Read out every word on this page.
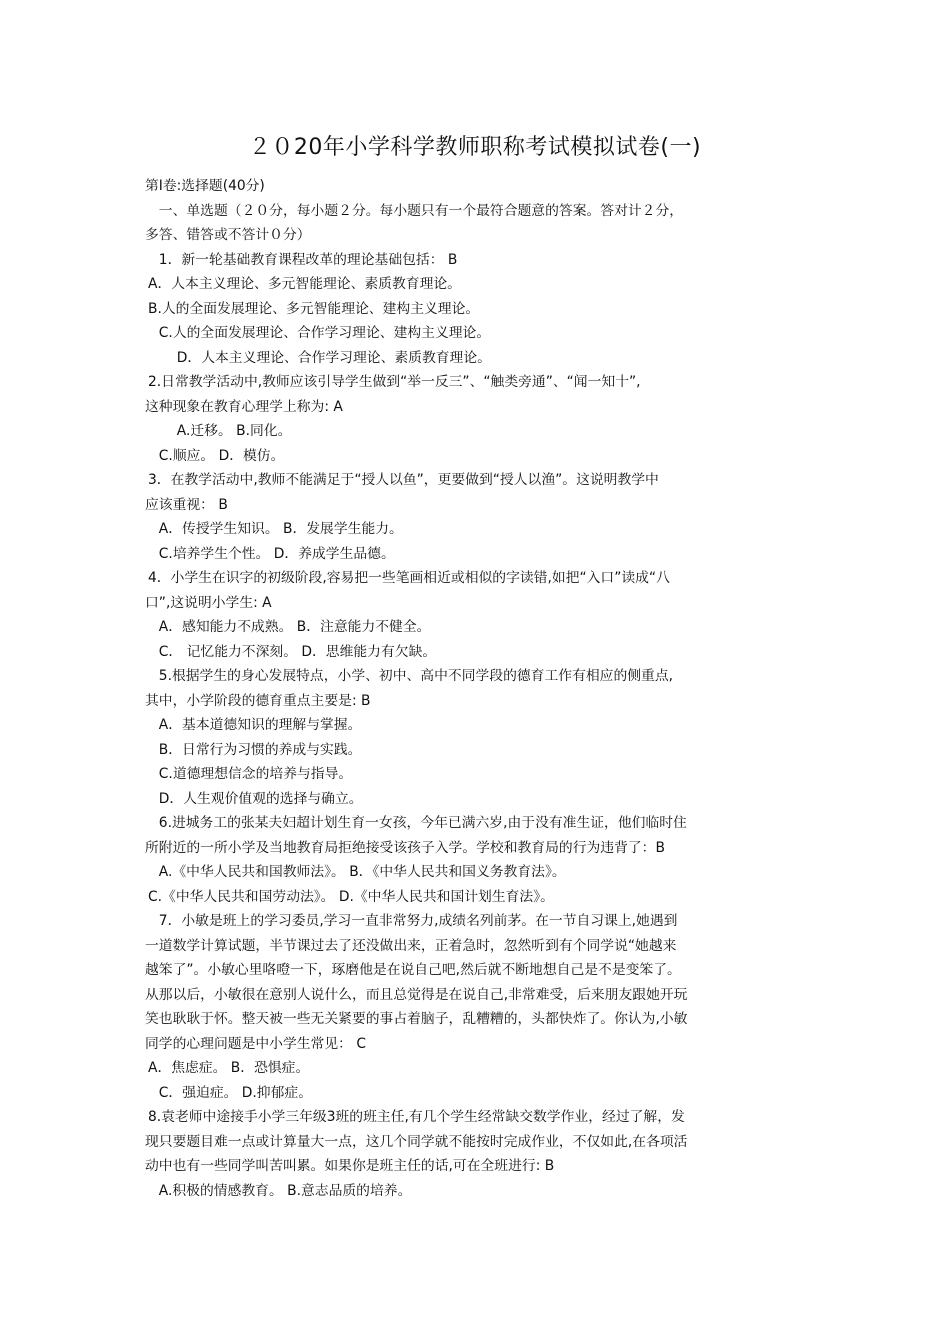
２０20年小学科学教师职称考试模拟试卷(一)
第Ⅰ卷:选择题(40分)
　一、单选题（２０分，每小题２分。每小题只有一个最符合题意的答案。答对计２分，
多答、错答或不答计０分）
　1．新一轮基础教育课程改革的理论基础包括： B
A．人本主义理论、多元智能理论、素质教育理论。
B.人的全面发展理论、多元智能理论、建构主义理论。
　C.人的全面发展理论、合作学习理论、建构主义理论。
　D．人本主义理论、合作学习理论、素质教育理论。
2.日常教学活动中,教师应该引导学生做到“举一反三”、“触类旁通”、“闻一知十”,
这种现象在教育心理学上称为: A
　A.迁移。 B.同化。
　C.顺应。 D．模仿。
3．在教学活动中,教师不能满足于“授人以鱼”，更要做到“授人以渔”。这说明教学中
应该重视： B
　A．传授学生知识。 B．发展学生能力。
　C.培养学生个性。 D．养成学生品德。
4．小学生在识字的初级阶段,容易把一些笔画相近或相似的字读错,如把“入口”读成“八
口”,这说明小学生: A
　A．感知能力不成熟。 B．注意能力不健全。
　C． 记忆能力不深刻。 D．思维能力有欠缺。
　5.根据学生的身心发展特点，小学、初中、高中不同学段的德育工作有相应的侧重点,
其中，小学阶段的德育重点主要是: B
　A．基本道德知识的理解与掌握。
　B．日常行为习惯的养成与实践。
　C.道德理想信念的培养与指导。
　D．人生观价值观的选择与确立。
　6.进城务工的张某夫妇超计划生育一女孩，今年已满六岁,由于没有准生证，他们临时住
所附近的一所小学及当地教育局拒绝接受该孩子入学。学校和教育局的行为违背了：B
　A.《中华人民共和国教师法》。 B．《中华人民共和国义务教育法》。
C.《中华人民共和国劳动法》。 D.《中华人民共和国计划生育法》。
　7．小敏是班上的学习委员,学习一直非常努力,成绩名列前茅。在一节自习课上,她遇到
一道数学计算试题，半节课过去了还没做出来，正着急时，忽然听到有个同学说“她越来
越笨了”。小敏心里咯噔一下，琢磨他是在说自己吧,然后就不断地想自己是不是变笨了。
从那以后，小敏很在意别人说什么，而且总觉得是在说自己,非常难受，后来朋友跟她开玩
笑也耿耿于怀。整天被一些无关紧要的事占着脑子，乱糟糟的，头都快炸了。你认为,小敏
同学的心理问题是中小学生常见： C
A．焦虑症。 B．恐惧症。
　C．强迫症。 D.抑郁症。
8.袁老师中途接手小学三年级3班的班主任,有几个学生经常缺交数学作业，经过了解，发
现只要题目难一点或计算量大一点，这几个同学就不能按时完成作业，不仅如此,在各项活
动中也有一些同学叫苦叫累。如果你是班主任的话,可在全班进行: B
　A.积极的情感教育。 B.意志品质的培养。
